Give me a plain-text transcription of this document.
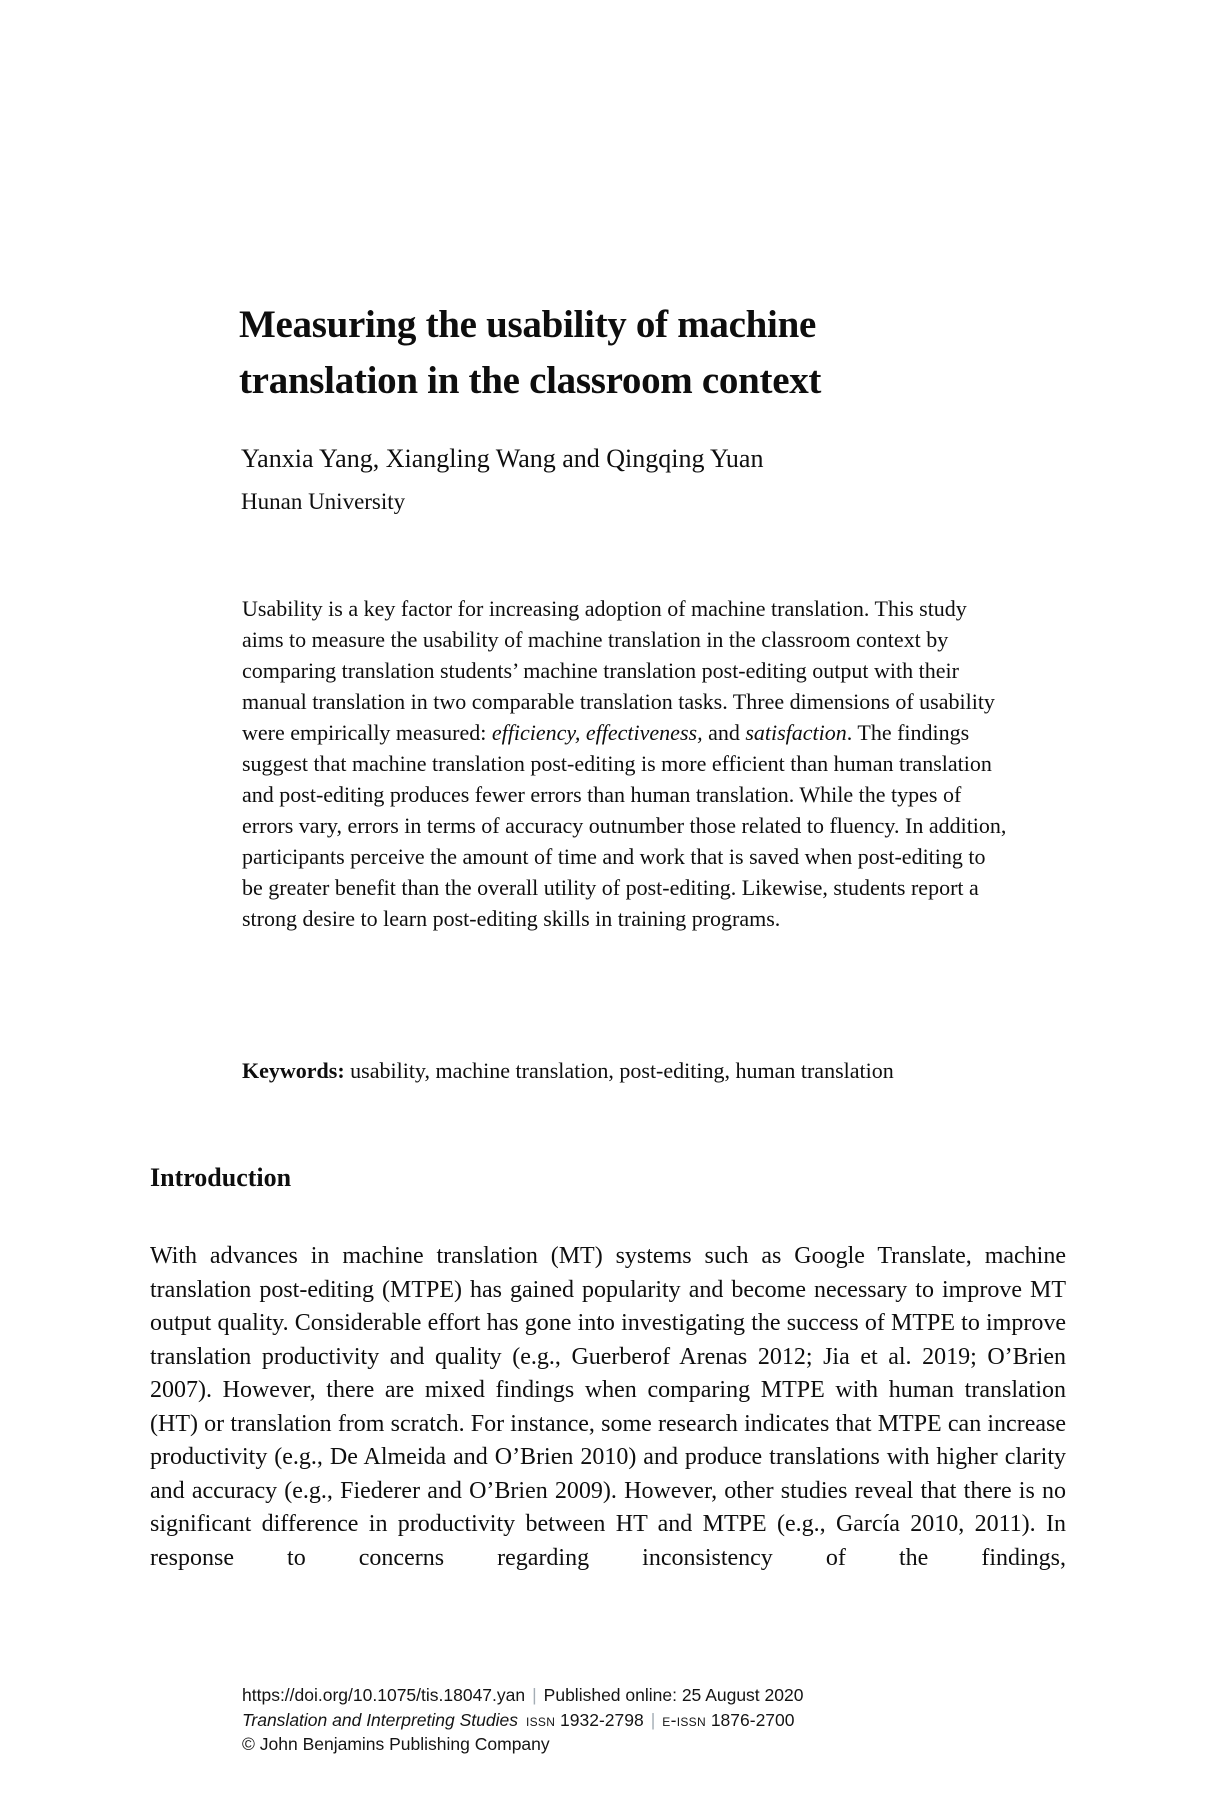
Measuring the usability of machine
translation in the classroom context
Yanxia Yang, Xiangling Wang and Qingqing Yuan
Hunan University

Usability is a key factor for increasing adoption of machine translation. This study aims to measure the usability of machine translation in the classroom context by comparing translation students’ machine translation post-editing output with their manual translation in two comparable translation tasks. Three dimensions of usability were empirically measured: efficiency, effectiveness, and satisfaction. The findings suggest that machine translation post-editing is more efficient than human translation and post-editing produces fewer errors than human translation. While the types of errors vary, errors in terms of accuracy outnumber those related to fluency. In addition, participants perceive the amount of time and work that is saved when post-editing to be greater benefit than the overall utility of post-editing. Likewise, students report a strong desire to learn post-editing skills in training programs.

Keywords: usability, machine translation, post-editing, human translation

Introduction

With advances in machine translation (MT) systems such as Google Translate, machine translation post-editing (MTPE) has gained popularity and become necessary to improve MT output quality. Considerable effort has gone into investigating the success of MTPE to improve translation productivity and quality (e.g., Guerberof Arenas 2012; Jia et al. 2019; O’Brien 2007). However, there are mixed findings when comparing MTPE with human translation (HT) or translation from scratch. For instance, some research indicates that MTPE can increase productivity (e.g., De Almeida and O’Brien 2010) and produce translations with higher clarity and accuracy (e.g., Fiederer and O’Brien 2009). However, other studies reveal that there is no significant difference in productivity between HT and MTPE (e.g., García 2010, 2011). In response to concerns regarding inconsistency of the findings,

https://doi.org/10.1075/tis.18047.yan | Published online: 25 August 2020
Translation and Interpreting Studies issn 1932-2798 | e-issn 1876-2700
© John Benjamins Publishing Company
